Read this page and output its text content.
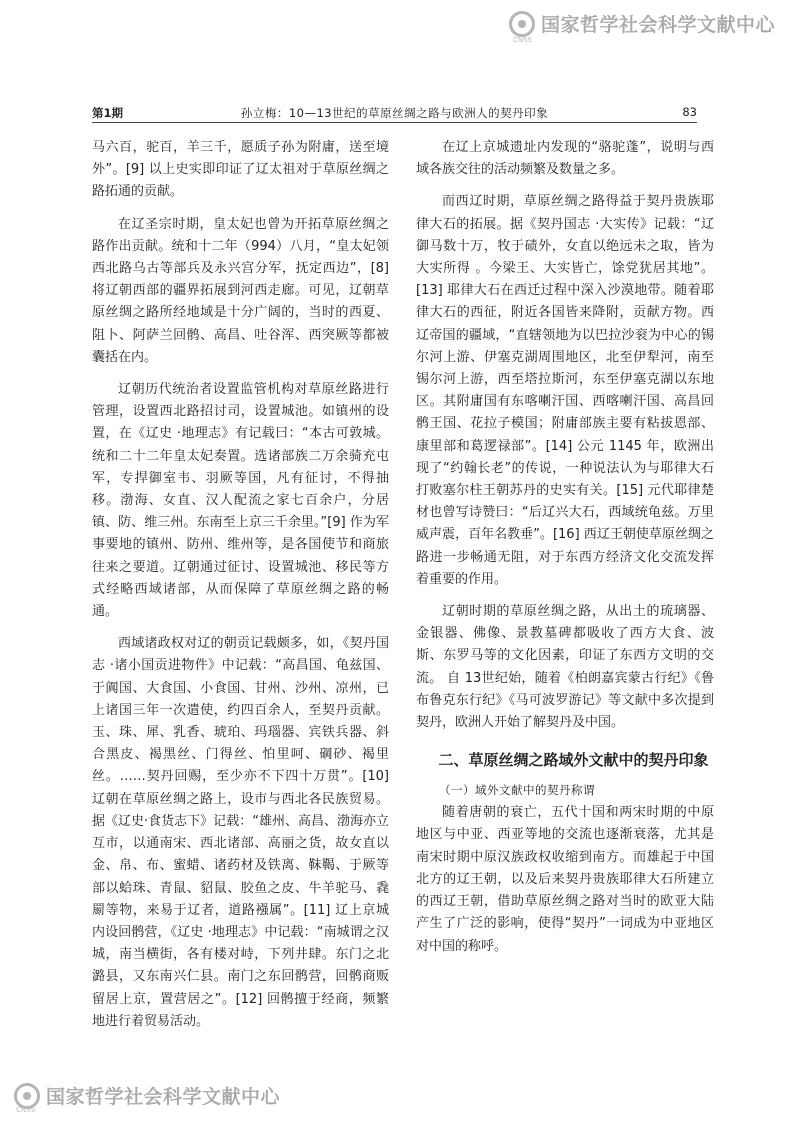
国家哲学社会科学文献中心
CNSS
第1期	孙立梅：10—13世纪的草原丝绸之路与欧洲人的契丹印象	83

马六百，驼百，羊三千，愿质子孙为附庸，送至境外”。[9] 以上史实即印证了辽太祖对于草原丝绸之路拓通的贡献。

在辽圣宗时期，皇太妃也曾为开拓草原丝绸之路作出贡献。统和十二年（994）八月，“皇太妃领西北路乌古等部兵及永兴宫分军，抚定西边”，[8] 将辽朝西部的疆界拓展到河西走廊。可见，辽朝草原丝绸之路所经地域是十分广阔的，当时的西夏、阻卜、阿萨兰回鹘、高昌、吐谷浑、西突厥等都被囊括在内。

辽朝历代统治者设置监管机构对草原丝路进行管理，设置西北路招讨司，设置城池。如镇州的设置，在《辽史 ·地理志》有记载曰：“本古可敦城。统和二十二年皇太妃奏置。选诸部族二万余骑充屯军，专捍御室韦、羽厥等国，凡有征讨，不得抽移。渤海、女直、汉人配流之家七百余户，分居镇、防、维三州。东南至上京三千余里。”[9] 作为军事要地的镇州、防州、维州等，是各国使节和商旅往来之要道。辽朝通过征讨、设置城池、移民等方式经略西域诸部，从而保障了草原丝绸之路的畅通。

西域诸政权对辽的朝贡记载颇多，如，《契丹国志 ·诸小国贡进物件》中记载：“高昌国、龟兹国、于阗国、大食国、小食国、甘州、沙州、凉州，已上诸国三年一次遣使，约四百余人，至契丹贡献。玉、珠、犀、乳香、琥珀、玛瑙器、宾铁兵器、斜合黑皮、褐黑丝、门得丝、怕里呵、碙砂、褐里丝。……契丹回赐，至少亦不下四十万贯”。[10] 辽朝在草原丝绸之路上，设市与西北各民族贸易。据《辽史·食货志下》记载：“雄州、高昌、渤海亦立互市，以通南宋、西北诸部、高丽之货，故女直以金、帛、布、蜜蜡、诸药材及铁离、靺鞨、于厥等部以蛤珠、青鼠、貂鼠、胶鱼之皮、牛羊驼马、毳罽等物，来易于辽者，道路襁属”。[11] 辽上京城内设回鹘营，《辽史 ·地理志》中记载：“南城谓之汉城，南当横街，各有楼对峙，下列井肆。东门之北潞县，又东南兴仁县。南门之东回鹘营，回鹘商贩留居上京，置营居之”。[12] 回鹘擅于经商，频繁地进行着贸易活动。

在辽上京城遗址内发现的“骆驼蓬”，说明与西域各族交往的活动频繁及数量之多。

而西辽时期，草原丝绸之路得益于契丹贵族耶律大石的拓展。据《契丹国志 ·大实传》记载：“辽御马数十万，牧于碛外，女直以绝远未之取，皆为大实所得 。今梁王、大实皆亡，馀党犹居其地”。[13] 耶律大石在西迁过程中深入沙漠地带。随着耶律大石的西征，附近各国皆来降附，贡献方物。西辽帝国的疆域，“直辖领地为以巴拉沙衮为中心的锡尔河上游、伊塞克湖周围地区，北至伊犁河，南至锡尔河上游，西至塔拉斯河，东至伊塞克湖以东地区。其附庸国有东喀喇汗国、西喀喇汗国、高昌回鹘王国、花拉子模国；附庸部族主要有粘拔恩部、康里部和葛逻禄部”。[14] 公元 1145 年，欧洲出现了“约翰长老”的传说，一种说法认为与耶律大石打败塞尔柱王朝苏丹的史实有关。[15] 元代耶律楚材也曾写诗赞曰：“后辽兴大石，西域统龟兹。万里威声震，百年名教垂”。[16] 西辽王朝使草原丝绸之路进一步畅通无阻，对于东西方经济文化交流发挥着重要的作用。

辽朝时期的草原丝绸之路，从出土的琉璃器、金银器、佛像、景教墓碑都吸收了西方大食、波斯、东罗马等的文化因素，印证了东西方文明的交流。 自 13世纪始，随着《柏朗嘉宾蒙古行纪》《鲁布鲁克东行纪》《马可波罗游记》等文献中多次提到契丹，欧洲人开始了解契丹及中国。

二、草原丝绸之路域外文献中的契丹印象
（一）域外文献中的契丹称谓

随着唐朝的衰亡，五代十国和两宋时期的中原地区与中亚、西亚等地的交流也逐渐衰落，尤其是南宋时期中原汉族政权收缩到南方。而雄起于中国北方的辽王朝，以及后来契丹贵族耶律大石所建立的西辽王朝，借助草原丝绸之路对当时的欧亚大陆产生了广泛的影响，使得“契丹”一词成为中亚地区对中国的称呼。

国家哲学社会科学文献中心
CNSS
